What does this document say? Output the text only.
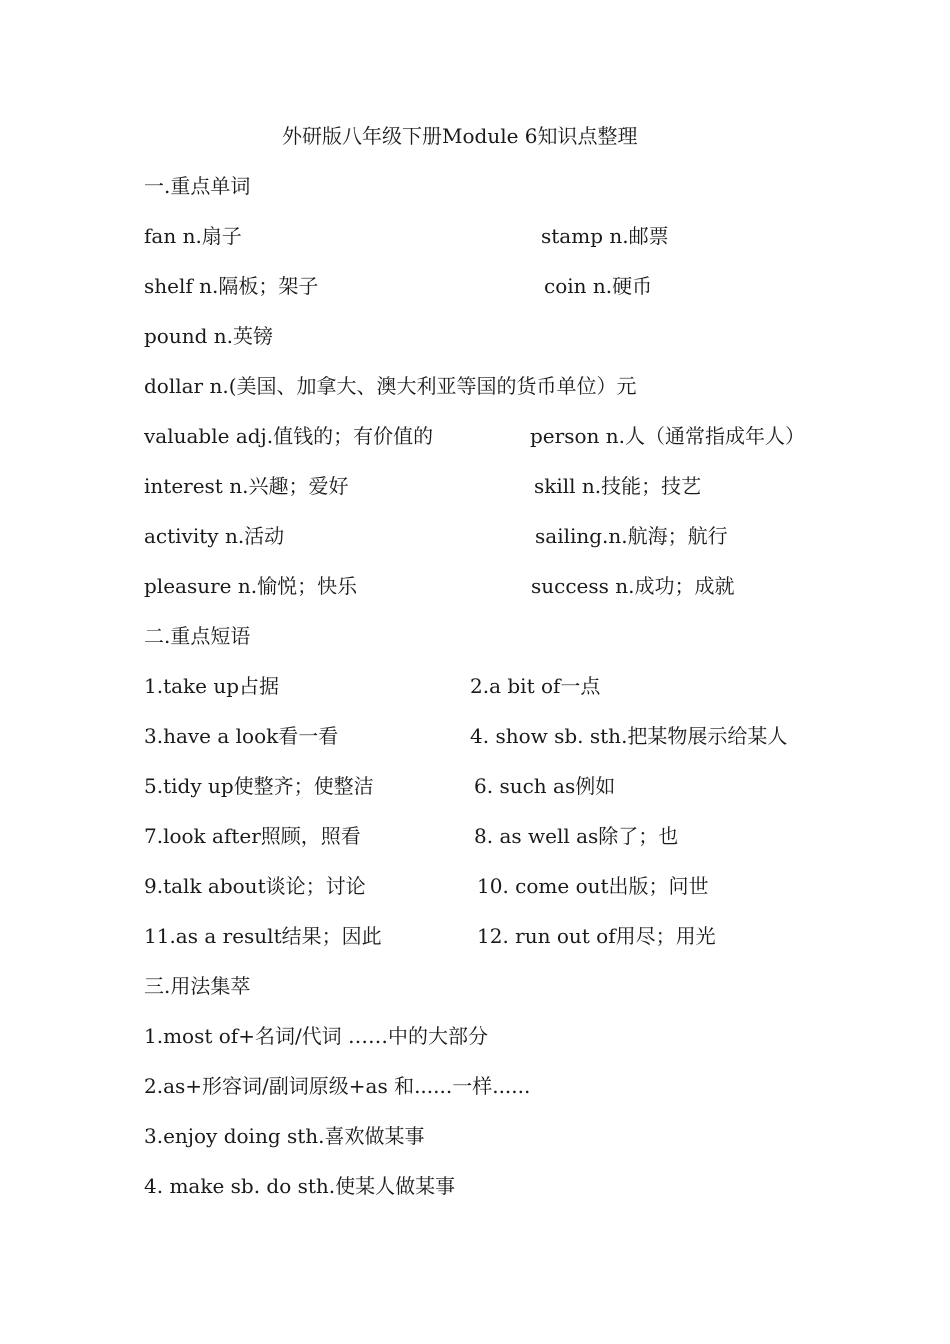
外研版八年级下册Module 6知识点整理
一.重点单词
fan n.扇子	stamp n.邮票
shelf n.隔板；架子	coin n.硬币
pound n.英镑
dollar n.(美国、加拿大、澳大利亚等国的货币单位）元
valuable adj.值钱的；有价值的	person n.人（通常指成年人）
interest n.兴趣；爱好	skill n.技能；技艺
activity n.活动	sailing.n.航海；航行
pleasure n.愉悦；快乐	success n.成功；成就
二.重点短语
1.take up占据	2.a bit of一点
3.have a look看一看	4. show sb. sth.把某物展示给某人
5.tidy up使整齐；使整洁	6. such as例如
7.look after照顾，照看	8. as well as除了；也
9.talk about谈论；讨论	10. come out出版；问世
11.as a result结果；因此	12. run out of用尽；用光
三.用法集萃
1.most of+名词/代词 ……中的大部分
2.as+形容词/副词原级+as 和......一样......
3.enjoy doing sth.喜欢做某事
4. make sb. do sth.使某人做某事
